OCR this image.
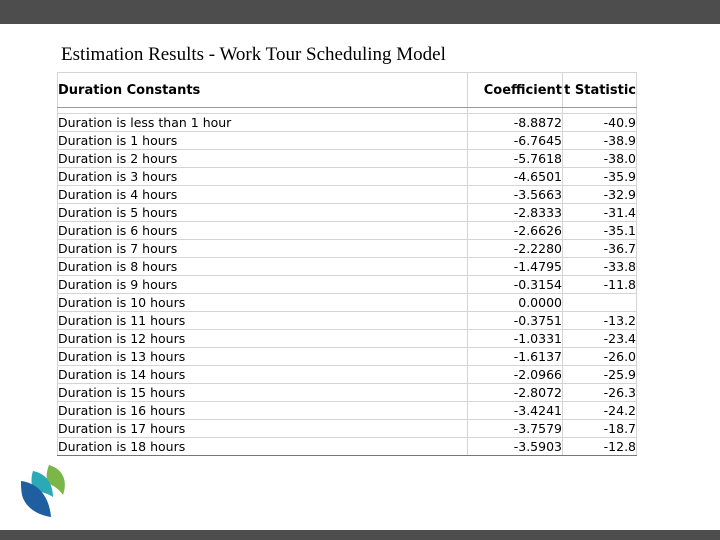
Estimation Results - Work Tour Scheduling Model
Duration Constants	Coefficient	t Statistic

Duration is less than 1 hour	-8.8872	-40.9
Duration is 1 hours	-6.7645	-38.9
Duration is 2 hours	-5.7618	-38.0
Duration is 3 hours	-4.6501	-35.9
Duration is 4 hours	-3.5663	-32.9
Duration is 5 hours	-2.8333	-31.4
Duration is 6 hours	-2.6626	-35.1
Duration is 7 hours	-2.2280	-36.7
Duration is 8 hours	-1.4795	-33.8
Duration is 9 hours	-0.3154	-11.8
Duration is 10 hours	0.0000	
Duration is 11 hours	-0.3751	-13.2
Duration is 12 hours	-1.0331	-23.4
Duration is 13 hours	-1.6137	-26.0
Duration is 14 hours	-2.0966	-25.9
Duration is 15 hours	-2.8072	-26.3
Duration is 16 hours	-3.4241	-24.2
Duration is 17 hours	-3.7579	-18.7
Duration is 18 hours	-3.5903	-12.8
